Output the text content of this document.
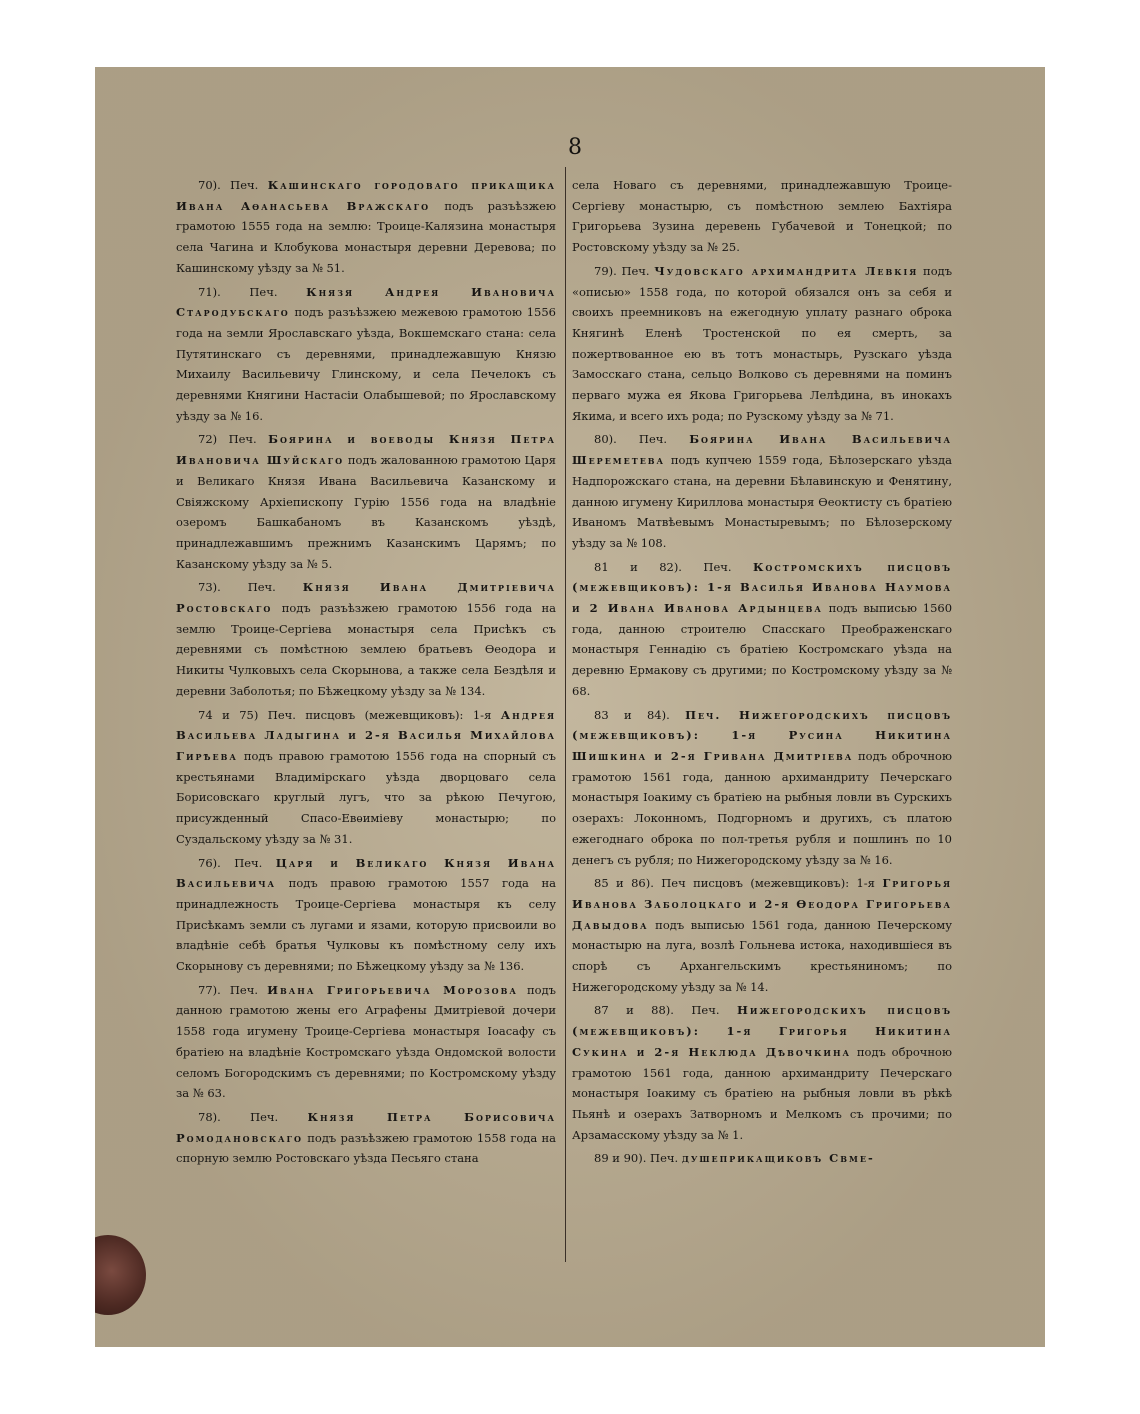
8

70). Печ. Кашинскаго городоваго прикащика Ивана Аѳанасьева Вражскаго подъ разъѣзжею грамотою 1555 года на землю: Троице-Калязина монастыря села Чагина и Клобукова монастыря деревни Деревова; по Кашинскому уѣзду за № 51.

71). Печ. Князя Андрея Ивановича Стародубскаго подъ разъѣзжею межевою грамотою 1556 года на земли Ярославскаго уѣзда, Вокшемскаго стана: села Путятинскаго съ деревнями, принадлежавшую Князю Михаилу Васильевичу Глинскому, и села Печелокъ съ деревнями Княгини Настасіи Олабышевой; по Ярославскому уѣзду за № 16.

72) Печ. Боярина и воеводы Князя Петра Ивановича Шуйскаго подъ жалованною грамотою Царя и Великаго Князя Ивана Васильевича Казанскому и Свіяжскому Архіепископу Гурію 1556 года на владѣніе озеромъ Башкабаномъ въ Казанскомъ уѣздѣ, принадлежавшимъ прежнимъ Казанскимъ Царямъ; по Казанскому уѣзду за № 5.

73). Печ. Князя Ивана Дмитріевича Ростовскаго подъ разъѣзжею грамотою 1556 года на землю Троице-Сергіева монастыря села Присѣкъ съ деревнями съ помѣстною землею братьевъ Ѳеодора и Никиты Чулковыхъ села Скорынова, а также села Бездѣля и деревни Заболотья; по Бѣжецкому уѣзду за № 134.

74 и 75) Печ. писцовъ (межевщиковъ): 1-я Андрея Васильева Ладыгина и 2-я Василья Михайлова Гирѣева подъ правою грамотою 1556 года на спорный съ крестьянами Владимірскаго уѣзда дворцоваго села Борисовскаго круглый лугъ, что за рѣкою Печугою, присужденный Спасо-Евѳиміеву монастырю; по Суздальскому уѣзду за № 31.

76). Печ. Царя и Великаго Князя Ивана Васильевича подъ правою грамотою 1557 года на принадлежность Троице-Сергіева монастыря къ селу Присѣкамъ земли съ лугами и язами, которую присвоили во владѣніе себѣ братья Чулковы къ помѣстному селу ихъ Скорынову съ деревнями; по Бѣжецкому уѣзду за № 136.

77). Печ. Ивана Григорьевича Морозова подъ данною грамотою жены его Аграфены Дмитріевой дочери 1558 года игумену Троице-Сергіева монастыря Іоасафу съ братіею на владѣніе Костромскаго уѣзда Ондомской волости селомъ Богородскимъ съ деревнями; по Костромскому уѣзду за № 63.

78). Печ.	Князя Петра Борисовича Ромодановскаго подъ разъѣзжею грамотою 1558 года на спорную землю Ростовскаго уѣзда Песьяго стана

села Новаго съ деревнями, принадлежавшую Троице-Сергіеву монастырю, съ помѣстною землею Бахтіяра Григорьева Зузина деревень Губачевой и Тонецкой; по Ростовскому уѣзду за № 25.

79). Печ. Чудовскаго архимандрита Левкія подъ «описью» 1558 года, по которой обязался онъ за себя и своихъ преемниковъ на ежегодную уплату разнаго оброка Княгинѣ Еленѣ Тростенской по ея смерть, за пожертвованное ею въ тотъ монастырь, Рузскаго уѣзда Замосскаго стана, сельцо Волково съ деревнями на поминъ перваго мужа ея Якова Григорьева Лелѣдина, въ инокахъ Якима, и всего ихъ рода; по Рузскому уѣзду за № 71.

80). Печ. Боярина Ивана Васильевича Шереметева подъ купчею 1559 года, Бѣлозерскаго уѣзда Надпорожскаго стана, на деревни Бѣлавинскую и Фенятину, данною игумену Кириллова монастыря Ѳеоктисту съ братіею Иваномъ Матвѣевымъ Монастыревымъ; по Бѣлозерскому уѣзду за № 108.

81 и 82). Печ. Костромскихъ писцовъ (межевщиковъ): 1-я Василья Иванова Наумова и 2 Ивана Иванова Ардынцева подъ выписью 1560 года, данною строителю Спасскаго Преображенскаго монастыря Геннадію съ братіею Костромскаго уѣзда на деревню Ермакову съ другими; по Костромскому уѣзду за № 68.

83 и 84). Печ. Нижегородскихъ писцовъ (межевщиковъ): 1-я Русина Никитина Шишкина и 2-я Гривана Дмитріева подъ оброчною грамотою 1561 года, данною архимандриту Печерскаго монастыря Іоакиму съ братіею на рыбныя ловли въ Сурскихъ озерахъ: Локонномъ, Подгорномъ и другихъ, съ платою ежегоднаго оброка по пол-третья рубля и пошлинъ по 10 денегъ съ рубля; по Нижегородскому уѣзду за № 16.

85 и 86). Печ писцовъ (межевщиковъ): 1-я Григорья Иванова Заболоцкаго и 2-я Ѳеодора Григорьева Давыдова подъ выписью 1561 года, данною Печерскому монастырю на луга, возлѣ Гольнева истока, находившіеся въ спорѣ съ Архангельскимъ крестьяниномъ; по Нижегородскому уѣзду за № 14.

87 и 88). Печ. Нижегородскихъ писцовъ (межевщиковъ): 1-я Григорья Никитина Сукина и 2-я Неклюда Дѣвочкина подъ оброчною грамотою 1561 года, данною архимандриту Печерскаго монастыря Іоакиму съ братіею на рыбныя ловли въ рѣкѣ Пьянѣ и озерахъ Затворномъ и Мелкомъ съ прочими; по Арзамасскому уѣзду за № 1.

89 и 90). Печ. душеприкащиковъ Свме-
